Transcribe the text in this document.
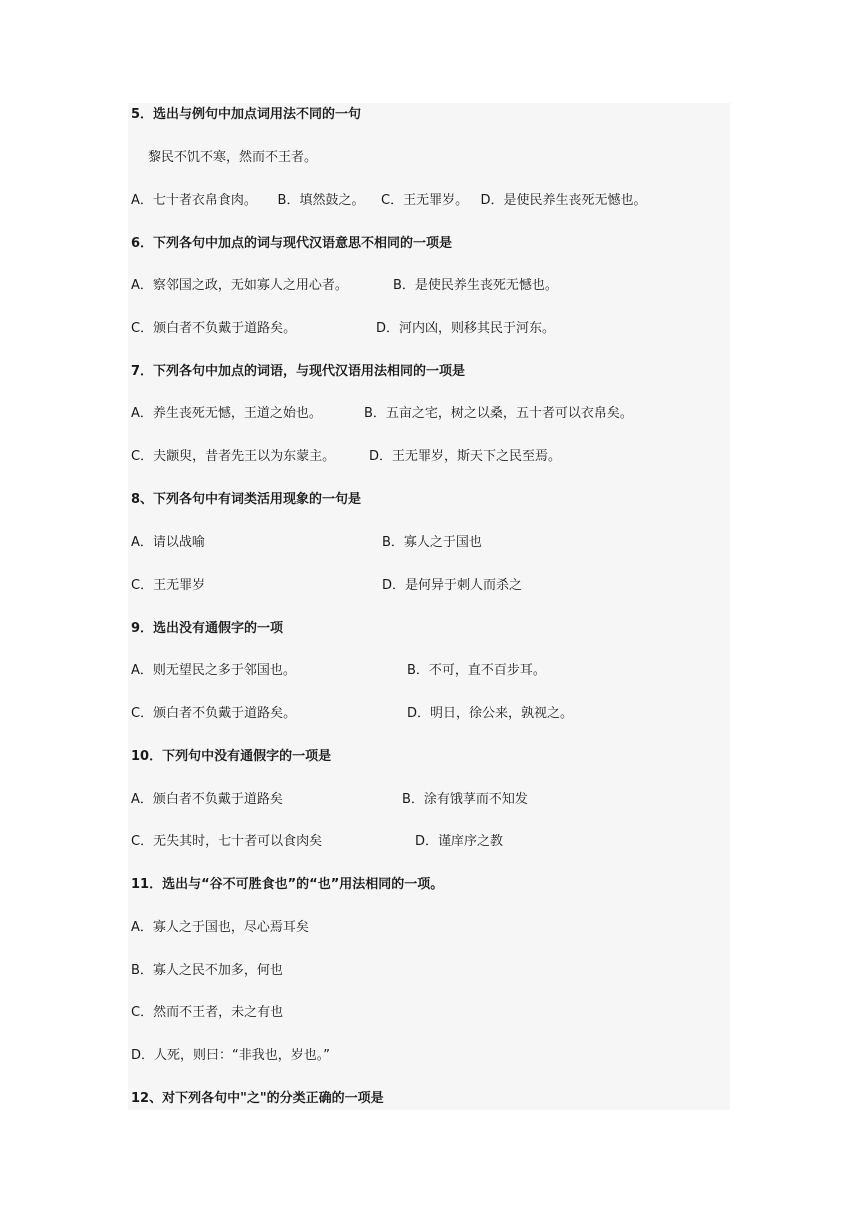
5．选出与例句中加点词用法不同的一句
黎民不饥不寒，然而不王者。
A．七十者衣帛食肉。     B．填然鼓之。    C．王无罪岁。   D．是使民养生丧死无憾也。
6．下列各句中加点的词与现代汉语意思不相同的一项是
A．察邻国之政，无如寡人之用心者。	B．是使民养生丧死无憾也。
C．颁白者不负戴于道路矣。	D．河内凶，则移其民于河东。
7．下列各句中加点的词语，与现代汉语用法相同的一项是
A．养生丧死无憾，王道之始也。	B．五亩之宅，树之以桑，五十者可以衣帛矣。
C．夫颛臾，昔者先王以为东蒙主。	D．王无罪岁，斯天下之民至焉。
8、下列各句中有词类活用现象的一句是
A．请以战喻	B．寡人之于国也
C．王无罪岁	D．是何异于刺人而杀之
9．选出没有通假字的一项
A．则无望民之多于邻国也。	B．不可，直不百步耳。
C．颁白者不负戴于道路矣。	D．明日，徐公来，孰视之。
10．下列句中没有通假字的一项是
A．颁白者不负戴于道路矣	B．涂有饿莩而不知发
C．无失其时，七十者可以食肉矣	D．谨庠序之教
11．选出与“谷不可胜食也”的“也”用法相同的一项。
A．寡人之于国也，尽心焉耳矣
B．寡人之民不加多，何也
C．然而不王者，未之有也
D．人死，则曰：“非我也，岁也。”
12、对下列各句中"之"的分类正确的一项是
